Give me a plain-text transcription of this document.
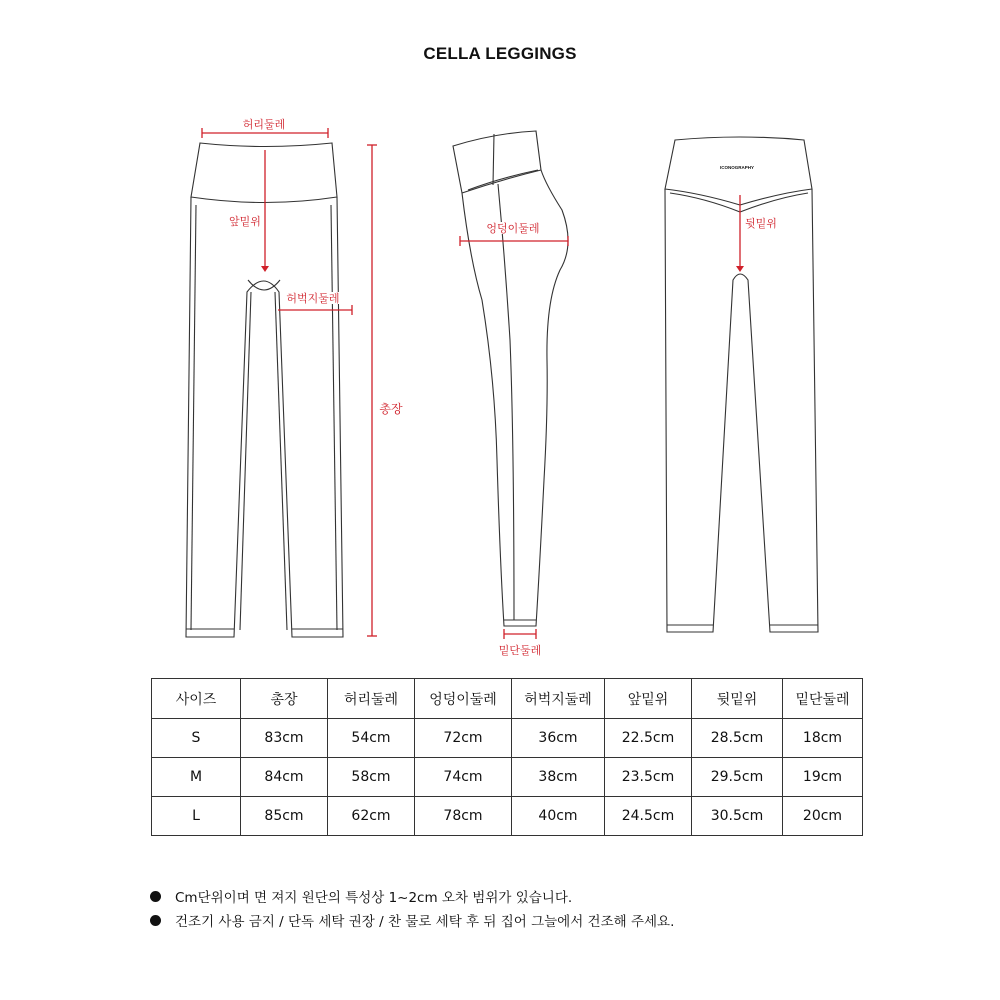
CELLA LEGGINGS
허리둘레
앞밑위
허벅지둘레
총장
엉덩이둘레
밑단둘레
ICONOGRAPHY
뒷밑위
사이즈	총장	허리둘레	엉덩이둘레	허벅지둘레	앞밑위	뒷밑위	밑단둘레
S	83cm	54cm	72cm	36cm	22.5cm	28.5cm	18cm
M	84cm	58cm	74cm	38cm	23.5cm	29.5cm	19cm
L	85cm	62cm	78cm	40cm	24.5cm	30.5cm	20cm
Cm단위이며 면 져지 원단의 특성상 1~2cm 오차 범위가 있습니다.
건조기 사용 금지 / 단독 세탁 권장 / 찬 물로 세탁 후 뒤 집어 그늘에서 건조해 주세요.
